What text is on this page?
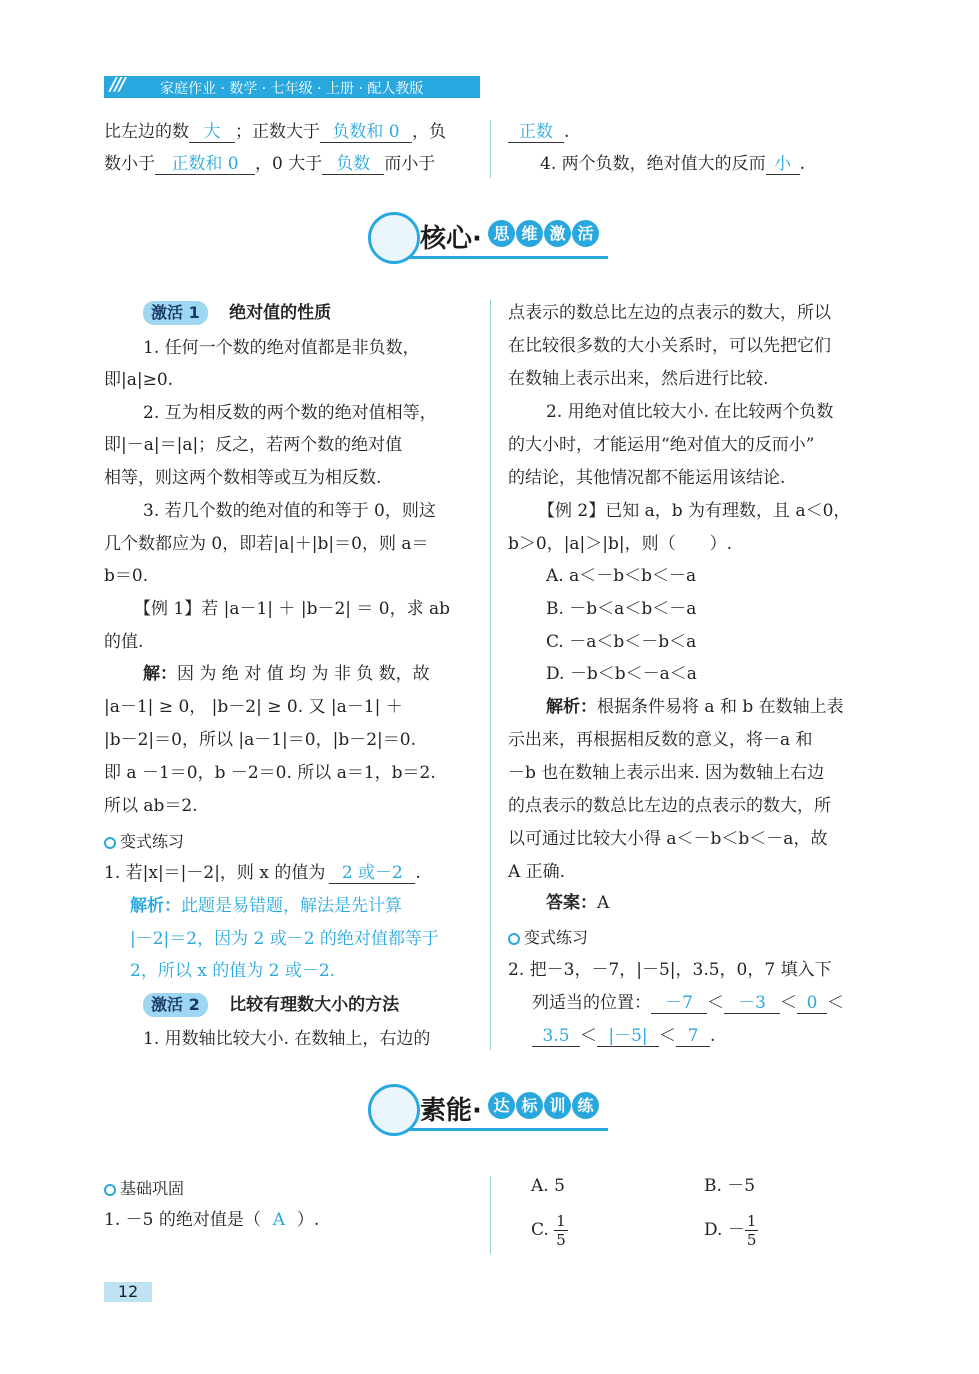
///	家庭作业 · 数学 · 七年级 · 上册 · 配人教版
比左边的数 大 ；正数大于 负数和 0 ，负
数小于 正数和 0 ，0 大于 负数 而小于
正数 .
4. 两个负数，绝对值大的反而 小 .
核心· 思 维 激 活
激活 1 绝对值的性质
1. 任何一个数的绝对值都是非负数，
即|a|≥0.
2. 互为相反数的两个数的绝对值相等，
即|－a|＝|a|；反之，若两个数的绝对值
相等，则这两个数相等或互为相反数.
3. 若几个数的绝对值的和等于 0，则这
几个数都应为 0，即若|a|＋|b|＝0，则 a＝
b＝0.
【例 1】若 |a－1| ＋ |b－2| ＝ 0，求 ab
的值.
解：因 为 绝 对 值 均 为 非 负 数，故
|a－1| ≥ 0， |b－2| ≥ 0. 又 |a－1| ＋
|b－2|＝0，所以 |a－1|＝0，|b－2|＝0.
即 a －1＝0，b －2＝0. 所以 a＝1，b＝2.
所以 ab＝2.
变式练习
1. 若|x|＝|－2|，则 x 的值为 2 或－2 .
解析：此题是易错题，解法是先计算
|－2|＝2，因为 2 或－2 的绝对值都等于
2，所以 x 的值为 2 或－2.
激活 2 比较有理数大小的方法
1. 用数轴比较大小. 在数轴上，右边的
点表示的数总比左边的点表示的数大，所以
在比较很多数的大小关系时，可以先把它们
在数轴上表示出来，然后进行比较.
2. 用绝对值比较大小. 在比较两个负数
的大小时，才能运用“绝对值大的反而小”
的结论，其他情况都不能运用该结论.
【例 2】已知 a，b 为有理数，且 a＜0，
b＞0，|a|＞|b|，则（　　）.
A. a＜－b＜b＜－a
B. －b＜a＜b＜－a
C. －a＜b＜－b＜a
D. －b＜b＜－a＜a
解析：根据条件易将 a 和 b 在数轴上表
示出来，再根据相反数的意义，将－a 和
－b 也在数轴上表示出来. 因为数轴上右边
的点表示的数总比左边的点表示的数大，所
以可通过比较大小得 a＜－b＜b＜－a，故
A 正确.
答案：A
变式练习
2. 把－3，－7，|－5|，3.5，0，7 填入下
列适当的位置： －7 ＜ －3 ＜ 0 ＜
3.5 ＜ |－5| ＜ 7 .
素能· 达 标 训 练
基础巩固
1. －5 的绝对值是（ A ）.
A. 5	B. －5
C. $\frac{1}{5}$	D. － $\frac{1}{5}$
12
